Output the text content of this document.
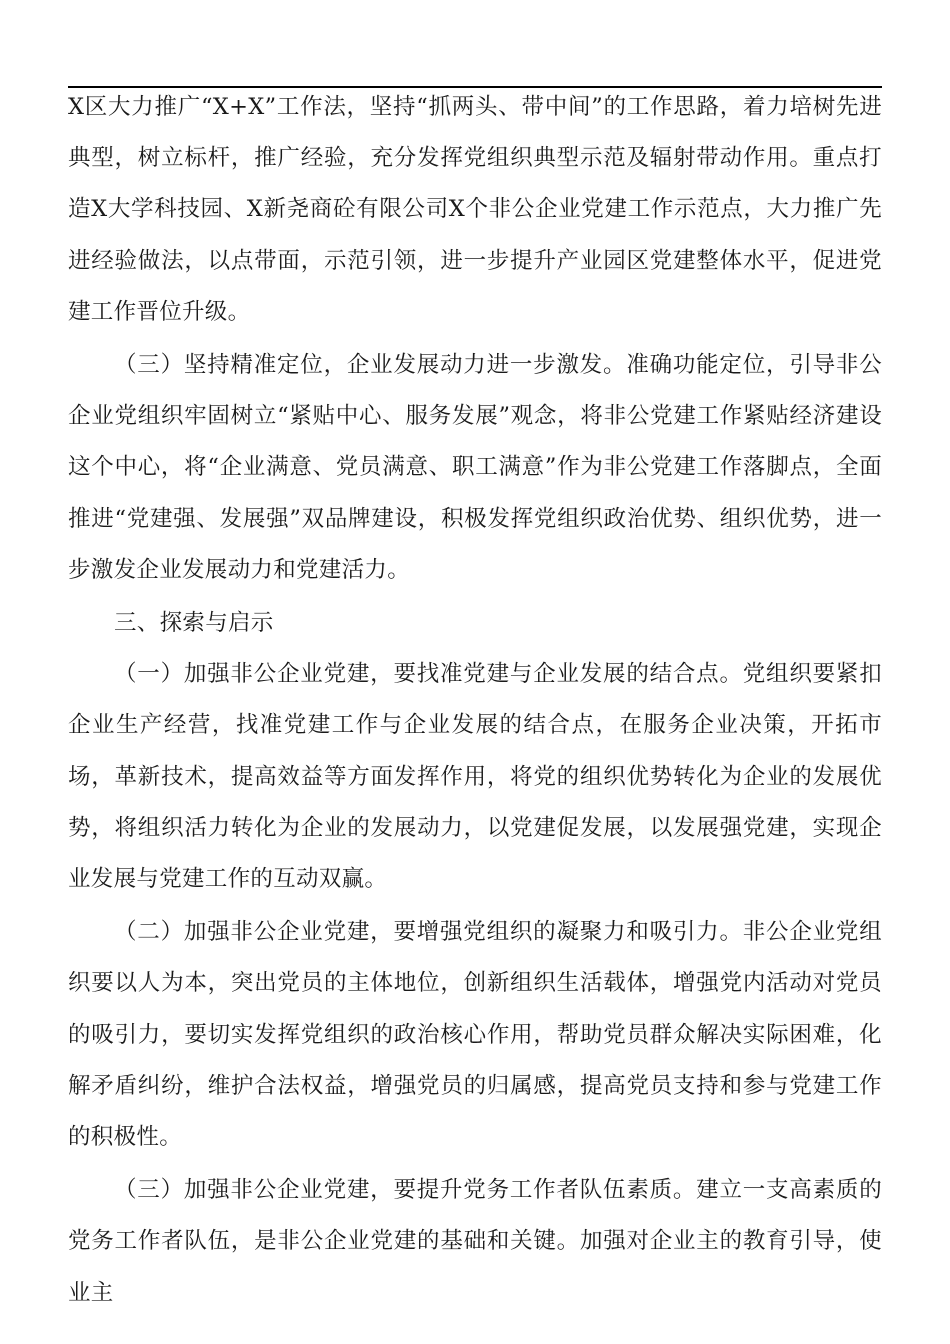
X区大力推广“X+X”工作法，坚持“抓两头、带中间”的工作思路，着力培树先进典型，树立标杆，推广经验，充分发挥党组织典型示范及辐射带动作用。重点打造X大学科技园、X新尧商砼有限公司X个非公企业党建工作示范点，大力推广先进经验做法，以点带面，示范引领，进一步提升产业园区党建整体水平，促进党建工作晋位升级。

（三）坚持精准定位，企业发展动力进一步激发。准确功能定位，引导非公企业党组织牢固树立“紧贴中心、服务发展”观念，将非公党建工作紧贴经济建设这个中心，将“企业满意、党员满意、职工满意”作为非公党建工作落脚点，全面推进“党建强、发展强”双品牌建设，积极发挥党组织政治优势、组织优势，进一步激发企业发展动力和党建活力。

三、探索与启示

（一）加强非公企业党建，要找准党建与企业发展的结合点。党组织要紧扣企业生产经营，找准党建工作与企业发展的结合点，在服务企业决策，开拓市场，革新技术，提高效益等方面发挥作用，将党的组织优势转化为企业的发展优势，将组织活力转化为企业的发展动力，以党建促发展，以发展强党建，实现企业发展与党建工作的互动双赢。

（二）加强非公企业党建，要增强党组织的凝聚力和吸引力。非公企业党组织要以人为本，突出党员的主体地位，创新组织生活载体，增强党内活动对党员的吸引力，要切实发挥党组织的政治核心作用，帮助党员群众解决实际困难，化解矛盾纠纷，维护合法权益，增强党员的归属感，提高党员支持和参与党建工作的积极性。

（三）加强非公企业党建，要提升党务工作者队伍素质。建立一支高素质的党务工作者队伍，是非公企业党建的基础和关键。加强对企业主的教育引导，使业主
